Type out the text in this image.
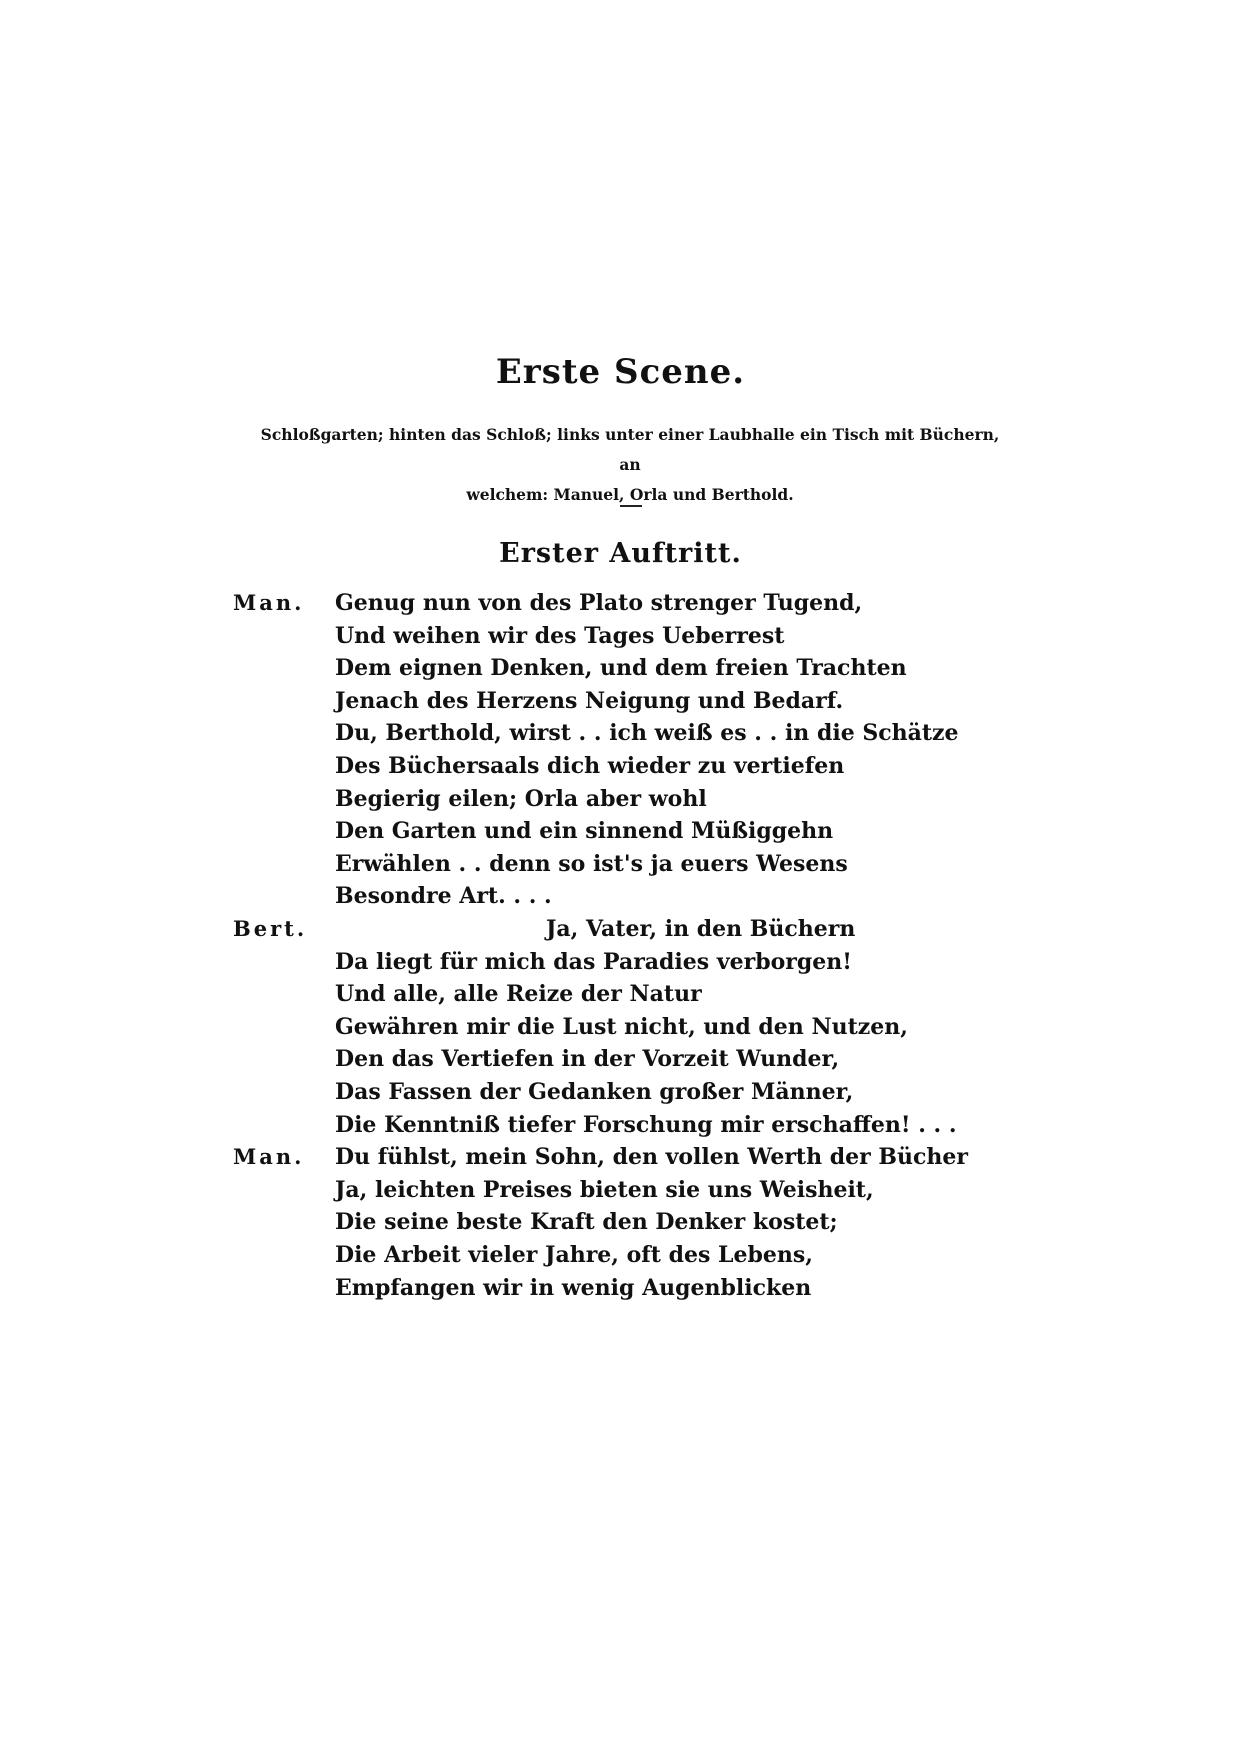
Erste Scene.
Schloßgarten; hinten das Schloß; links unter einer Laubhalle ein Tisch mit Büchern, an
welchem: Manuel, Orla und Berthold.
Erster Auftritt.
Man. Genug nun von des Plato strenger Tugend,
Und weihen wir des Tages Ueberrest
Dem eignen Denken, und dem freien Trachten
Jenach des Herzens Neigung und Bedarf.
Du, Berthold, wirst . . ich weiß es . . in die Schätze
Des Büchersaals dich wieder zu vertiefen
Begierig eilen; Orla aber wohl
Den Garten und ein sinnend Müßiggehn
Erwählen . . denn so ist's ja euers Wesens
Besondre Art. . . .
Bert.	Ja, Vater, in den Büchern
Da liegt für mich das Paradies verborgen!
Und alle, alle Reize der Natur
Gewähren mir die Lust nicht, und den Nutzen,
Den das Vertiefen in der Vorzeit Wunder,
Das Fassen der Gedanken großer Männer,
Die Kenntniß tiefer Forschung mir erschaffen! . . .
Man. Du fühlst, mein Sohn, den vollen Werth der Bücher
Ja, leichten Preises bieten sie uns Weisheit,
Die seine beste Kraft den Denker kostet;
Die Arbeit vieler Jahre, oft des Lebens,
Empfangen wir in wenig Augenblicken
